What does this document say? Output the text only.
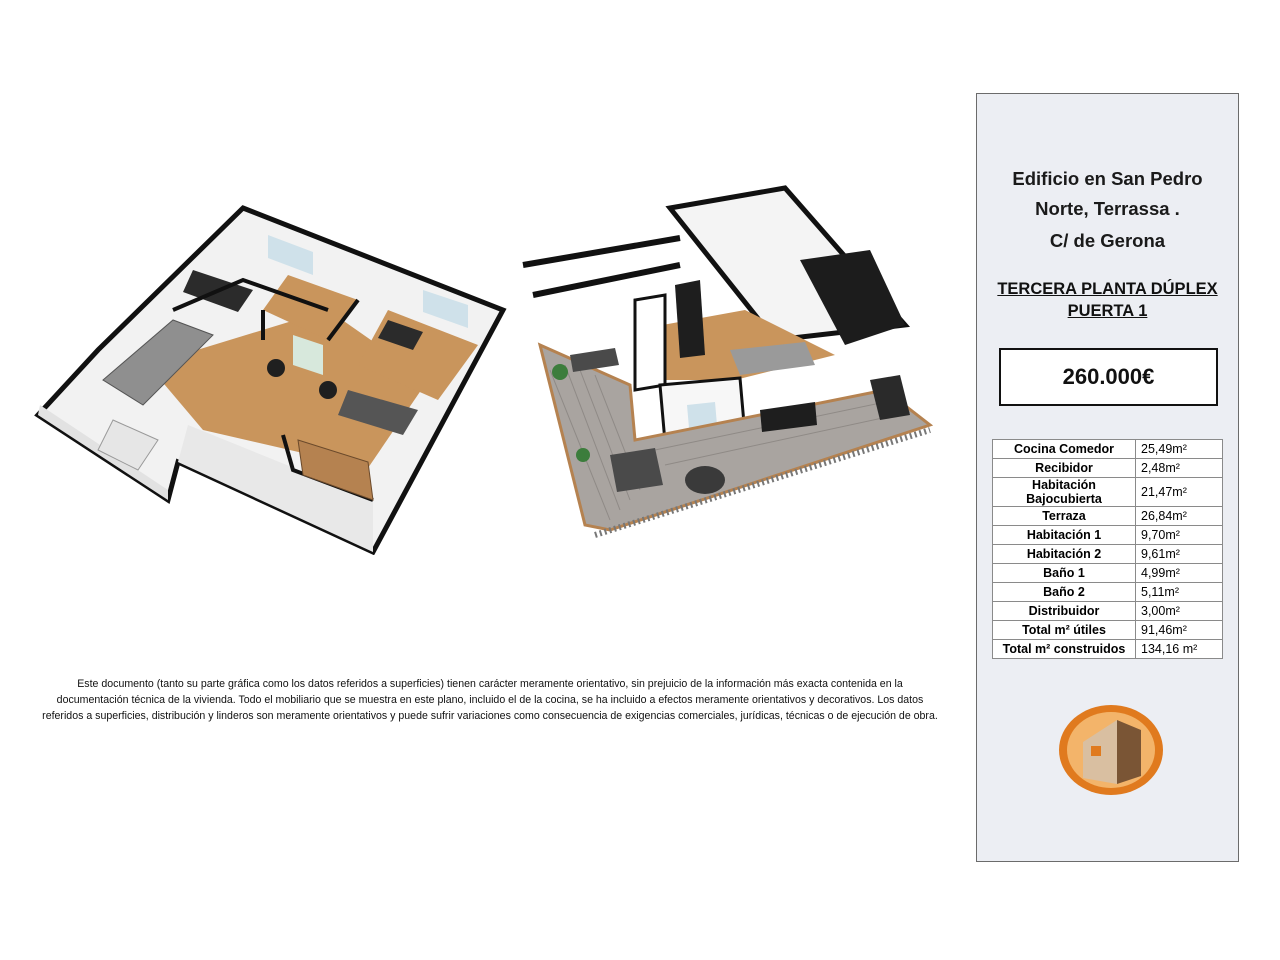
Este documento (tanto su parte gráfica como los datos referidos a superficies) tienen carácter meramente orientativo, sin prejuicio de la información más exacta contenida en la documentación técnica de la vivienda. Todo el mobiliario que se muestra en este plano, incluido el de la cocina, se ha incluido a efectos meramente orientativos y decorativos. Los datos referidos a superficies, distribución y linderos son meramente orientativos y puede sufrir variaciones como consecuencia de exigencias comerciales, jurídicas, técnicas o de ejecución de obra.
Edificio en San Pedro
Norte, Terrassa .
C/ de Gerona
TERCERA PLANTA DÚPLEX
PUERTA 1
260.000€
Cocina Comedor	25,49m²
Recibidor	2,48m²
Habitación Bajocubierta	21,47m²
Terraza	26,84m²
Habitación 1	9,70m²
Habitación 2	9,61m²
Baño 1	4,99m²
Baño 2	5,11m²
Distribuidor	3,00m²
Total m² útiles	91,46m²
Total m² construidos	134,16 m²
